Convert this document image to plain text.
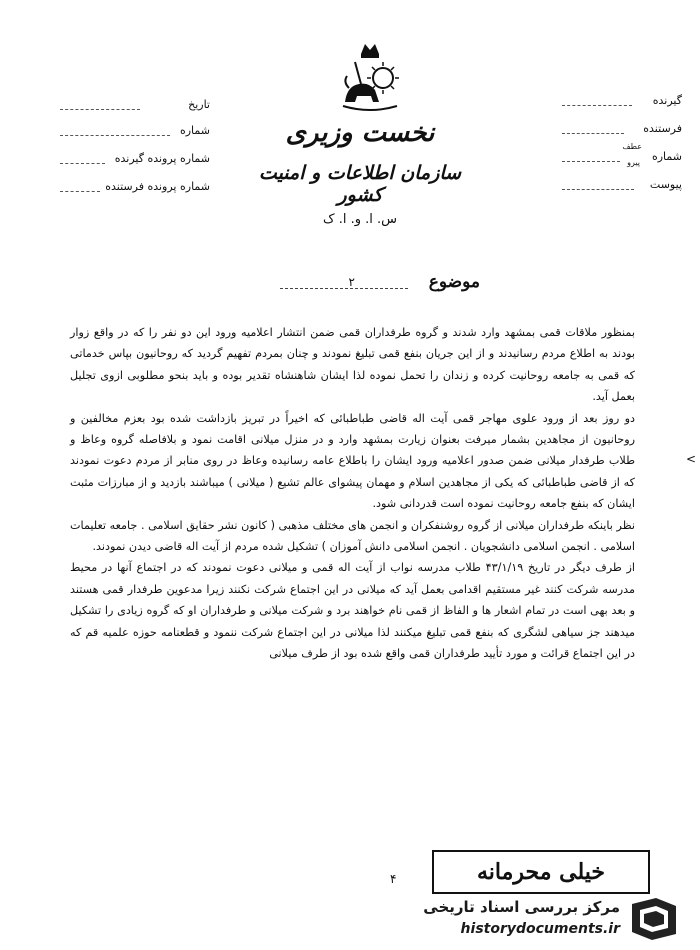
تاریخ
شماره
شماره پرونده گیرنده
شماره پرونده فرستنده
گیرنده
فرستنده
شماره
عطف
پیرو
پیوست
نخست وزیری
سازمان اطلاعات و امنیت کشور
س. ا. و. ا. ک
موضوع
۲

بمنظور ملاقات قمی بمشهد وارد شدند و گروه طرفداران قمی ضمن انتشار اعلامیه ورود این دو نفر را که در واقع زوار بودند به اطلاع مردم رسانیدند و از این جریان بنفع قمی تبلیغ نمودند و چنان بمردم تفهیم گردید که روحانیون بپاس خدماتی که قمی به جامعه روحانیت کرده و زندان را تحمل نموده لذا ایشان شاهنشاه تقدیر بوده و باید بنحو مطلوبی ازوی تجلیل بعمل آید.

دو روز بعد از ورود علوی مهاجر قمی آیت اله قاضی طباطبائی که اخیراً در تبریز بازداشت شده بود بعزم مخالفین و روحانیون از مجاهدین بشمار میرفت بعنوان زیارت بمشهد وارد و در منزل میلانی اقامت نمود و بلافاصله گروه وعاظ و طلاب طرفدار میلانی ضمن صدور اعلامیه ورود ایشان را باطلاع عامه رسانیده وعاظ در روی منابر از مردم دعوت نمودند که از قاضی طباطبائی که یکی از مجاهدین اسلام و مهمان پیشوای عالم تشیع ( میلانی ) میباشند بازدید و از مبارزات مثبت ایشان که بنفع جامعه روحانیت نموده است قدردانی شود.

نظر باینکه طرفداران میلانی از گروه روشنفکران و انجمن های مختلف مذهبی ( کانون نشر حقایق اسلامی . جامعه تعلیمات اسلامی . انجمن اسلامی دانشجویان . انجمن اسلامی دانش آموزان ) تشکیل شده مردم از آیت اله قاضی دیدن نمودند.

از طرف دیگر در تاریخ ۴۳/۱/۱۹ طلاب مدرسه نواب از آیت اله قمی و میلانی دعوت نمودند که در اجتماع آنها در محیط مدرسه شرکت کنند غیر مستقیم اقدامی بعمل آید که میلانی در این اجتماع شرکت نکنند زیرا مدعوین طرفدار قمی هستند و بعد بهی است در تمام اشعار ها و الفاظ از قمی نام خواهند برد و شرکت میلانی و طرفداران او که گروه زیادی را تشکیل میدهند جز سیاهی لشگری که بنفع قمی تبلیغ میکنند لذا میلانی در این اجتماع شرکت ننمود و قطعنامه حوزه علمیه قم که در این اجتماع قرائت و مورد تأیید طرفداران قمی واقع شده بود از طرف میلانی

<
۴	خیلی محرمانه
مرکز بررسی اسناد تاریخی
historydocuments.ir
